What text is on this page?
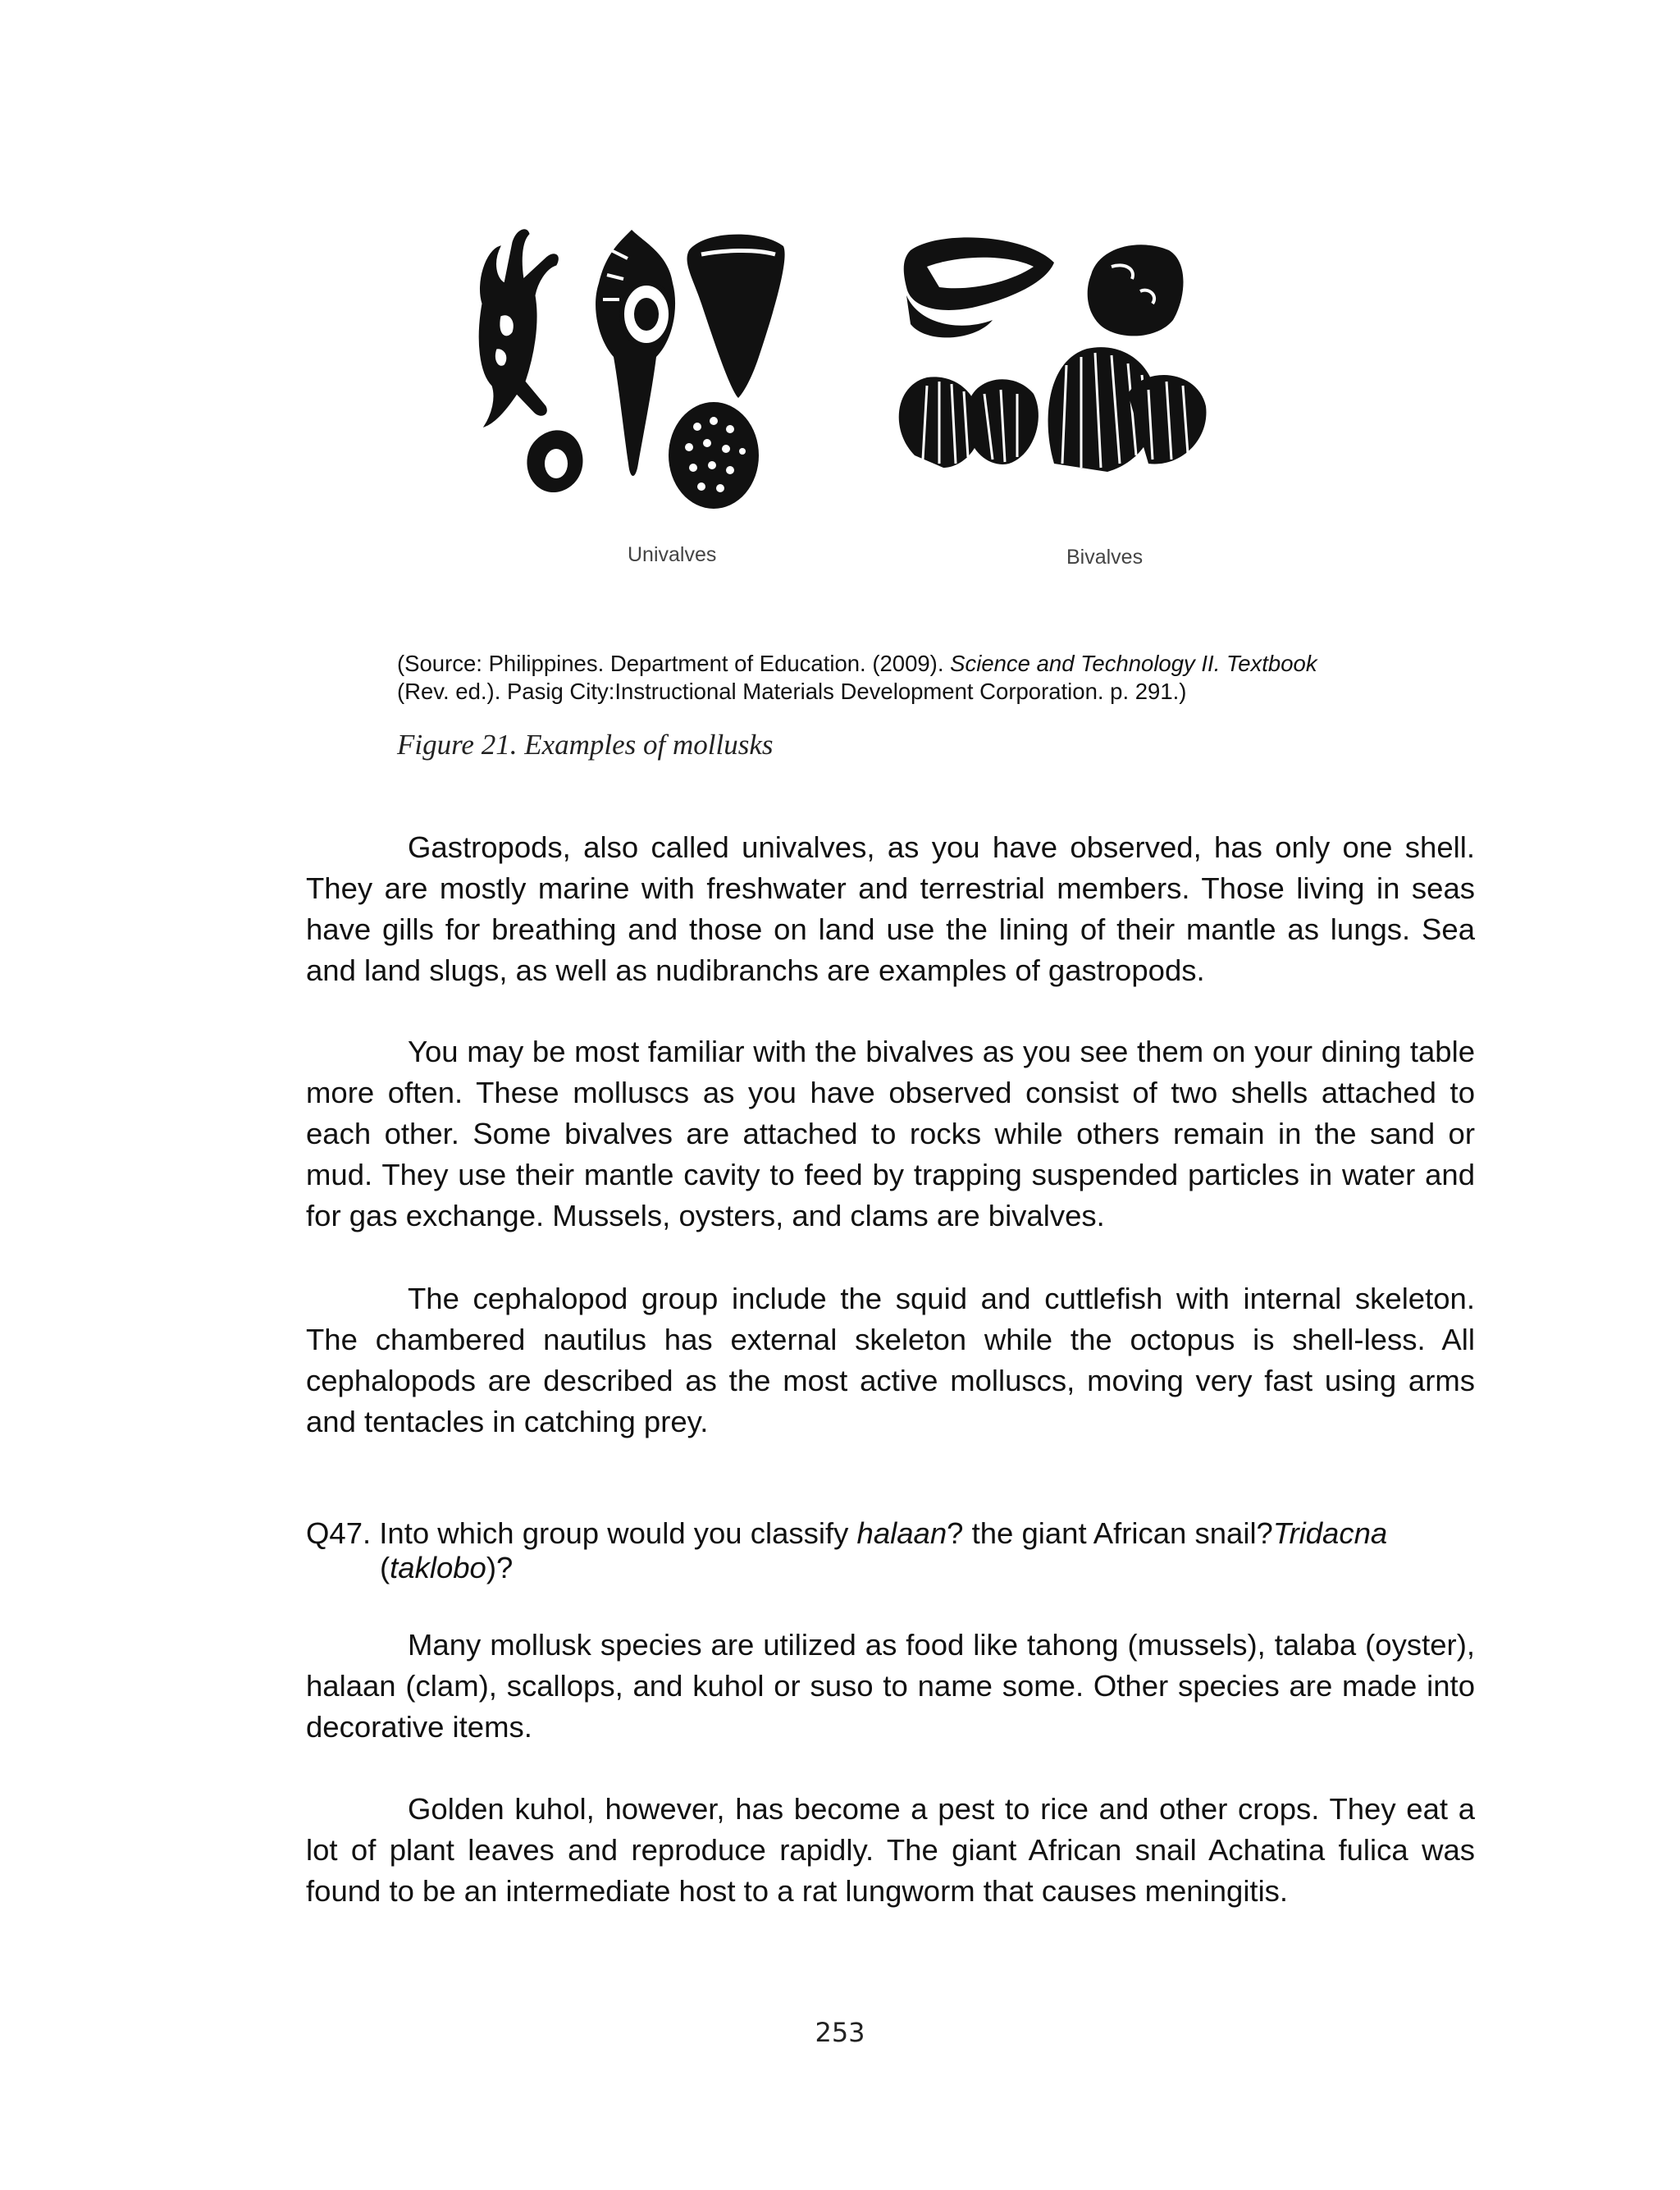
Univalves	Bivalves
(Source: Philippines. Department of Education. (2009). Science and Technology II. Textbook
(Rev. ed.). Pasig City:Instructional Materials Development Corporation. p. 291.)
Figure 21. Examples of mollusks
Gastropods, also called univalves, as you have observed, has only one shell. They are mostly marine with freshwater and terrestrial members. Those living in seas have gills for breathing and those on land use the lining of their mantle as lungs. Sea and land slugs, as well as nudibranchs are examples of gastropods.
You may be most familiar with the bivalves as you see them on your dining table more often. These molluscs as you have observed consist of two shells attached to each other. Some bivalves are attached to rocks while others remain in the sand or mud. They use their mantle cavity to feed by trapping suspended particles in water and for gas exchange. Mussels, oysters, and clams are bivalves.
The cephalopod group include the squid and cuttlefish with internal skeleton. The chambered nautilus has external skeleton while the octopus is shell-less. All cephalopods are described as the most active molluscs, moving very fast using arms and tentacles in catching prey.
Q47. Into which group would you classify halaan? the giant African snail?Tridacna
(taklobo)?
Many mollusk species are utilized as food like tahong (mussels), talaba (oyster), halaan (clam), scallops, and kuhol or suso to name some. Other species are made into decorative items.
Golden kuhol, however, has become a pest to rice and other crops. They eat a lot of plant leaves and reproduce rapidly. The giant African snail Achatina fulica was found to be an intermediate host to a rat lungworm that causes meningitis.
253
